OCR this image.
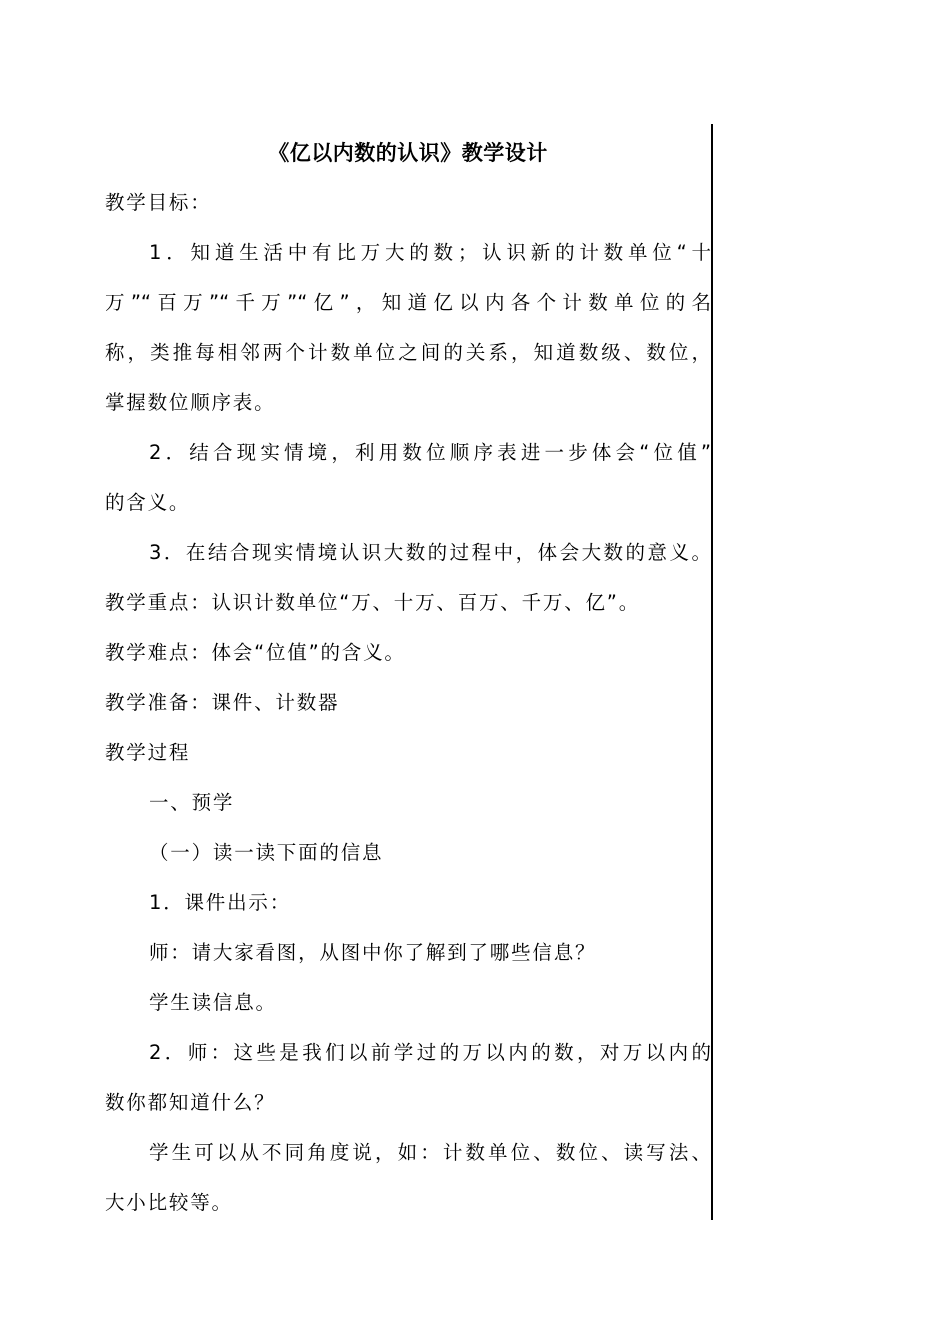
《亿以内数的认识》教学设计

教学目标：

1．知道生活中有比万大的数；认识新的计数单位“十

万”“百万”“千万”“亿”，知道亿以内各个计数单位的名

称，类推每相邻两个计数单位之间的关系，知道数级、数位，

掌握数位顺序表。

2．结合现实情境，利用数位顺序表进一步体会“位值”

的含义。

3．在结合现实情境认识大数的过程中，体会大数的意义。

教学重点：认识计数单位“万、十万、百万、千万、亿”。

教学难点：体会“位值”的含义。

教学准备：课件、计数器

教学过程

一、预学

（一）读一读下面的信息

1．课件出示：

师：请大家看图，从图中你了解到了哪些信息？

学生读信息。

2．师：这些是我们以前学过的万以内的数，对万以内的

数你都知道什么？

学生可以从不同角度说，如：计数单位、数位、读写法、

大小比较等。
